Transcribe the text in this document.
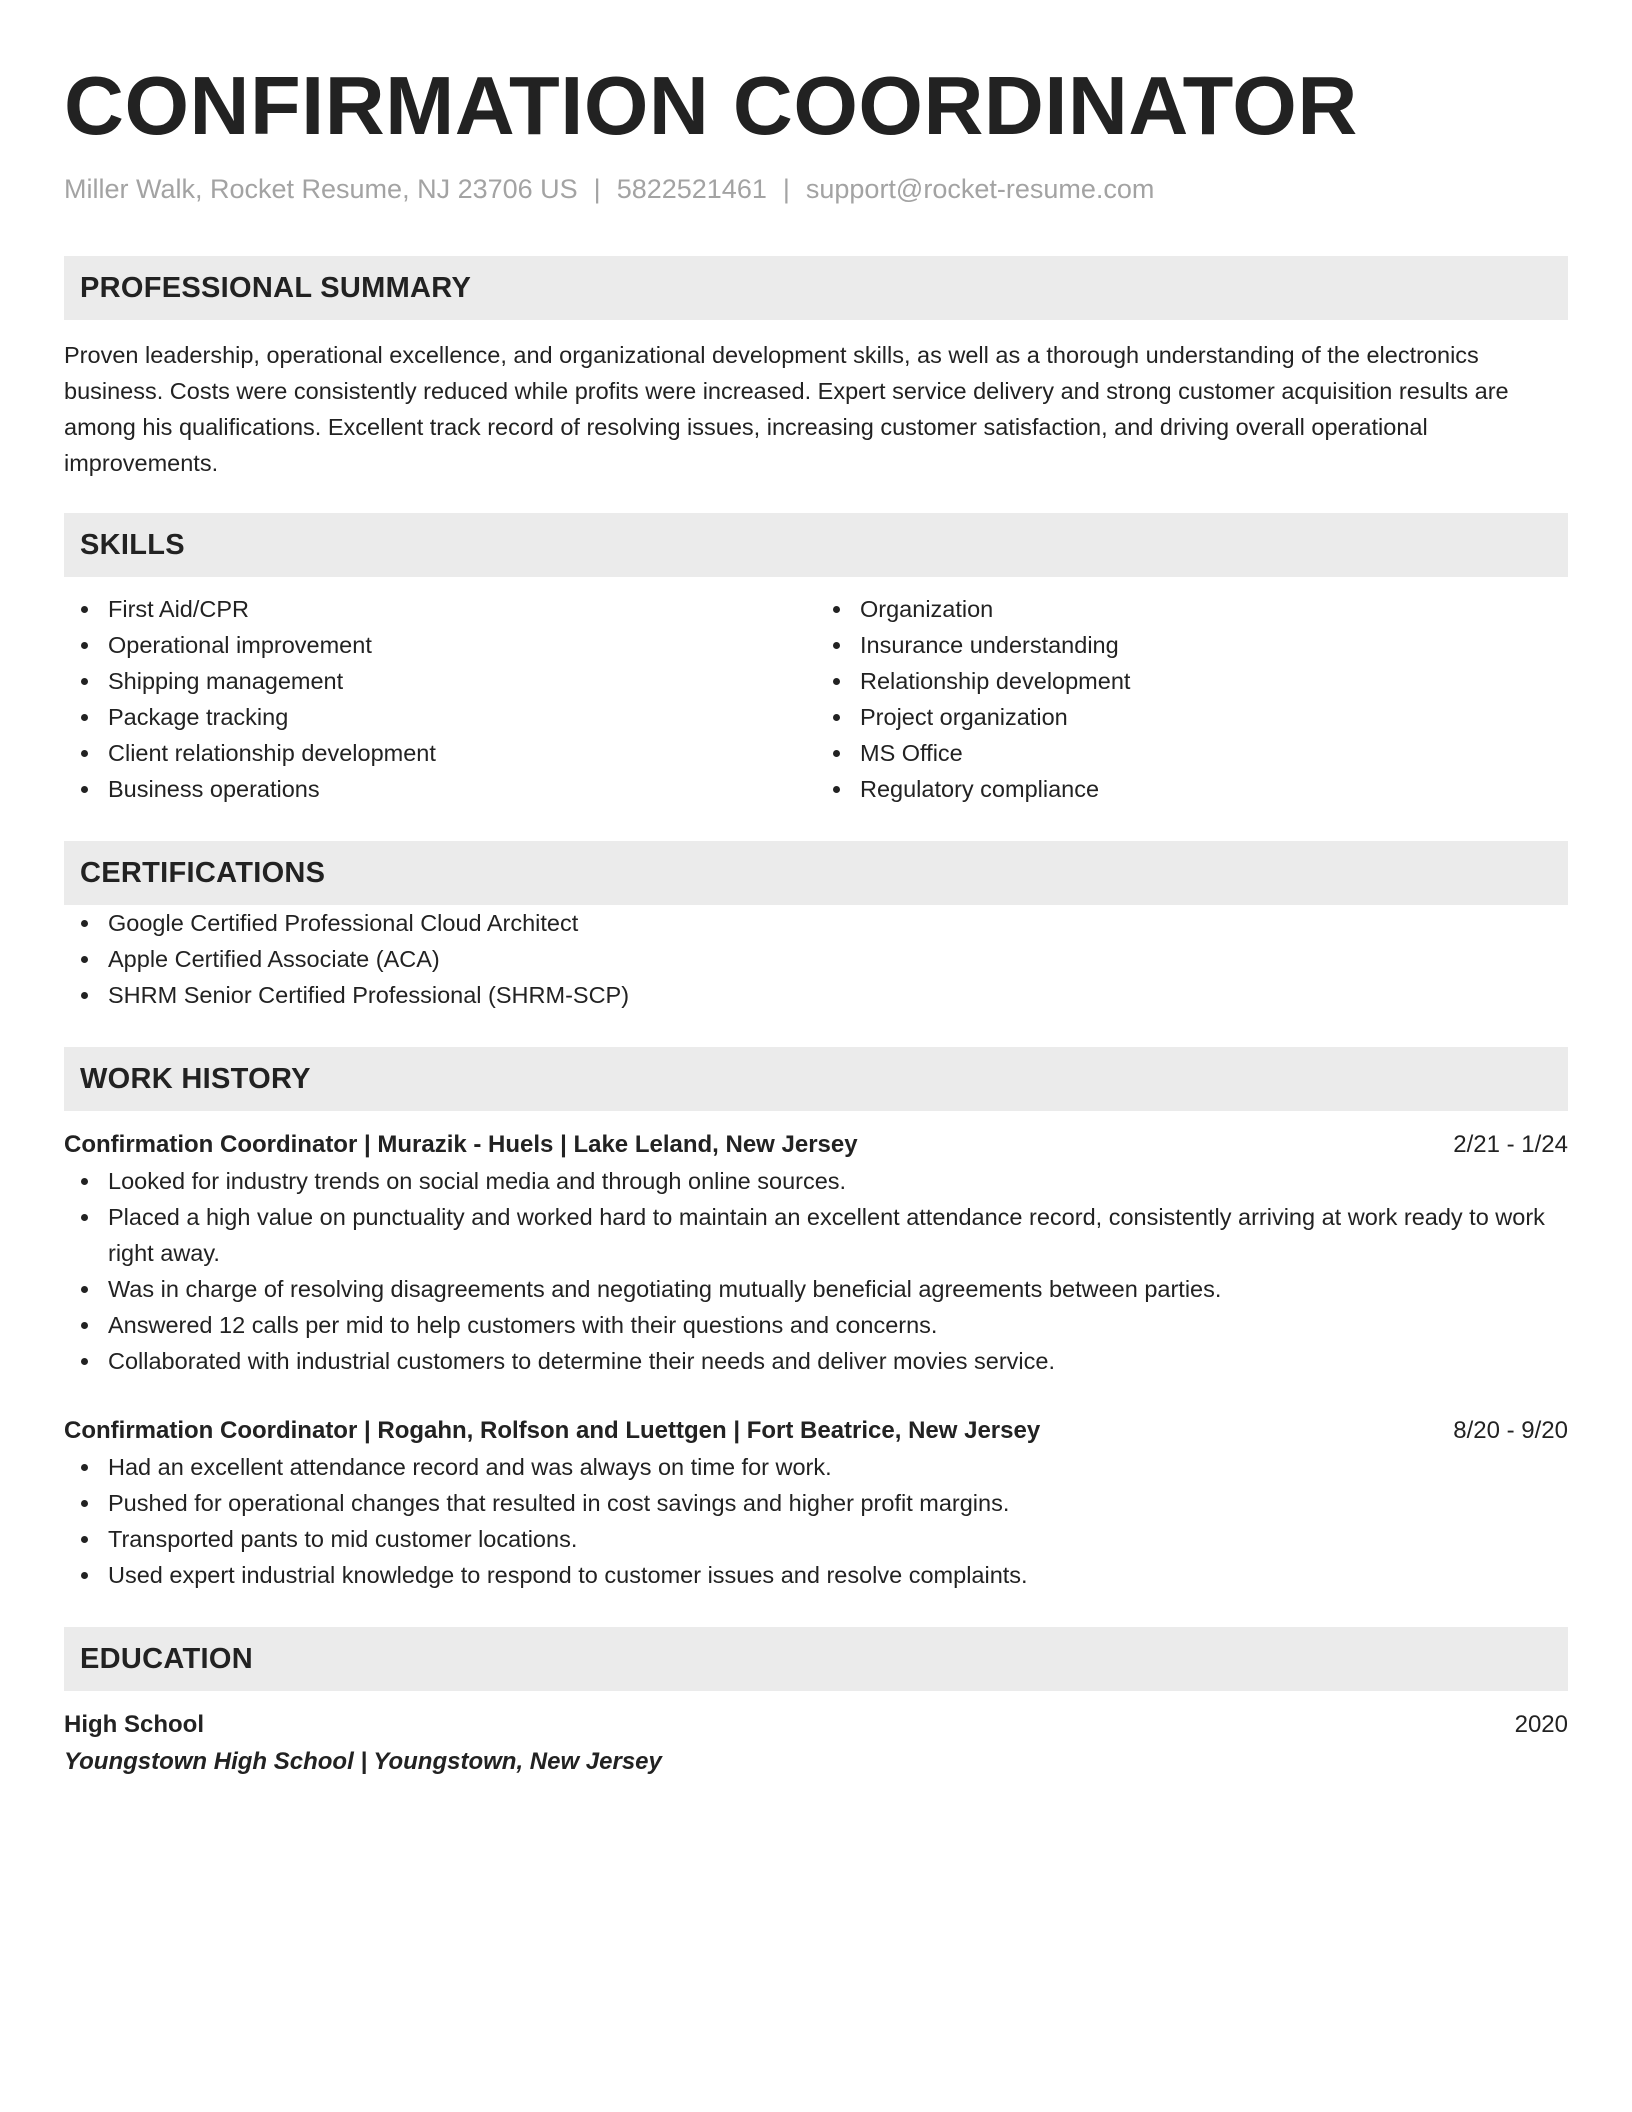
CONFIRMATION COORDINATOR
Miller Walk, Rocket Resume, NJ 23706 US | 5822521461 | support@rocket-resume.com
PROFESSIONAL SUMMARY

Proven leadership, operational excellence, and organizational development skills, as well as a thorough understanding of the electronics business. Costs were consistently reduced while profits were increased. Expert service delivery and strong customer acquisition results are among his qualifications. Excellent track record of resolving issues, increasing customer satisfaction, and driving overall operational improvements.

SKILLS
First Aid/CPR
Operational improvement
Shipping management
Package tracking
Client relationship development
Business operations
Organization
Insurance understanding
Relationship development
Project organization
MS Office
Regulatory compliance
CERTIFICATIONS
Google Certified Professional Cloud Architect
Apple Certified Associate (ACA)
SHRM Senior Certified Professional (SHRM-SCP)
WORK HISTORY
Confirmation Coordinator | Murazik - Huels | Lake Leland, New Jersey	2/21 - 1/24
Looked for industry trends on social media and through online sources.
Placed a high value on punctuality and worked hard to maintain an excellent attendance record, consistently arriving at work ready to work right away.
Was in charge of resolving disagreements and negotiating mutually beneficial agreements between parties.
Answered 12 calls per mid to help customers with their questions and concerns.
Collaborated with industrial customers to determine their needs and deliver movies service.
Confirmation Coordinator | Rogahn, Rolfson and Luettgen | Fort Beatrice, New Jersey	8/20 - 9/20
Had an excellent attendance record and was always on time for work.
Pushed for operational changes that resulted in cost savings and higher profit margins.
Transported pants to mid customer locations.
Used expert industrial knowledge to respond to customer issues and resolve complaints.
EDUCATION
High School	2020
Youngstown High School | Youngstown, New Jersey
